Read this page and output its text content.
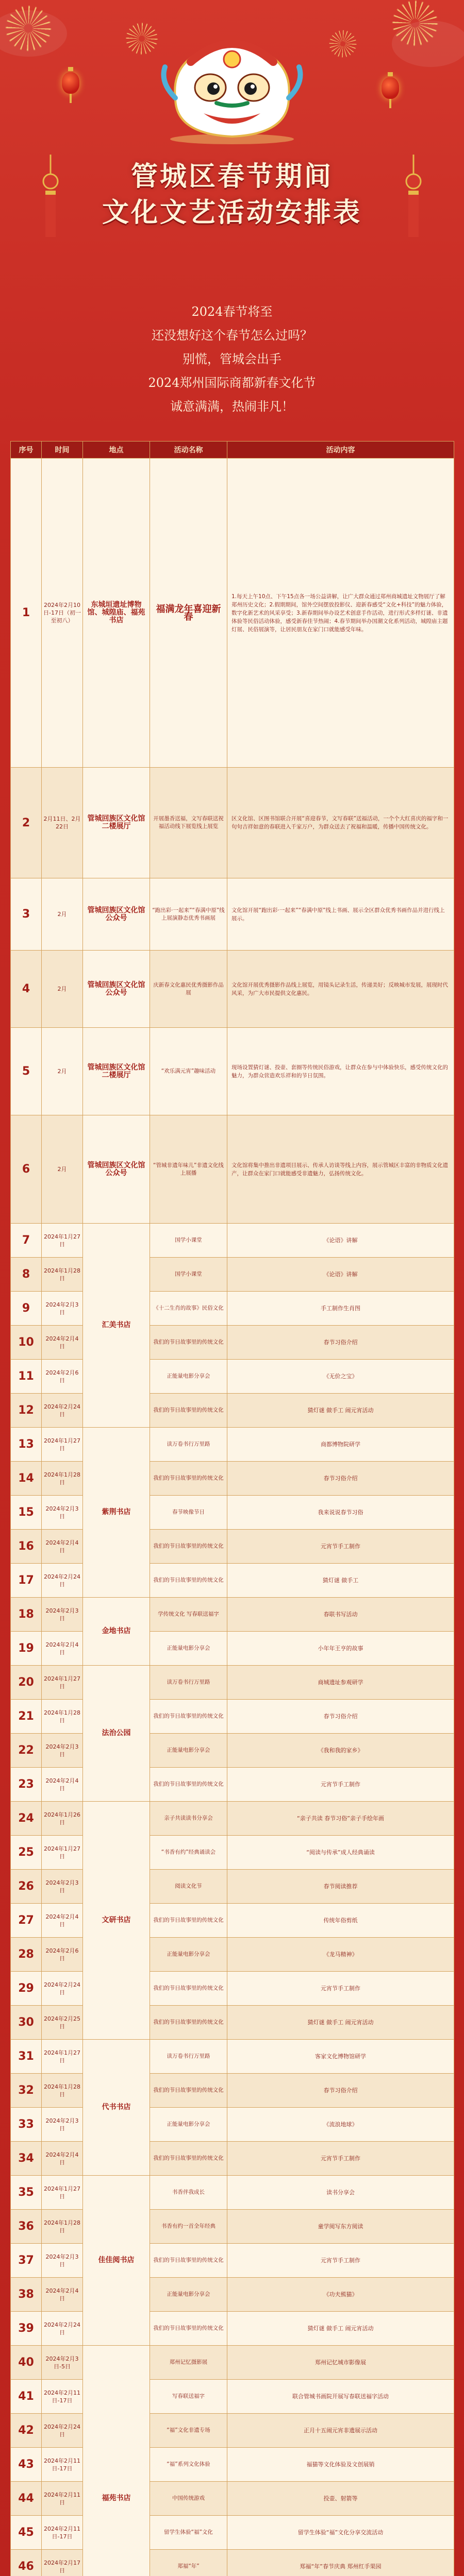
管城区春节期间
文化文艺活动安排表
2024春节将至
还没想好这个春节怎么过吗？
别慌，管城会出手
2024郑州国际商都新春文化节
诚意满满，热闹非凡！
序号	时间	地点	活动名称	活动内容
1	2024年2月10日-17日（初一至初八）	东城垣遗址博物馆、城隍庙、福苑书店	福满龙年喜迎新春	1.每天上午10点、下午15点各一场公益讲解，让广大群众通过郑州商城遗址文物展厅了解郑州历史文化；2.假期期间，馆外空间摆放投影仪、迎新春感受“文化+科技”的魅力体验，数字化新艺术的风采享受；3.新春期间举办设艺术创意手作活动，进行形式多样灯谜、非遗体验等民俗活动体验，感受新春佳节热闹；4.春节期间举办国潮文化系列活动，城隍庙主题灯展、民俗展演等，让居民朋友在家门口就能感受年味。
2	2月11日、2月22日	管城回族区文化馆二楼展厅	开展墨香送福，文写春联送祝福活动线下展览线上展览	区文化馆、区图书馆联合开展“喜迎春节，文写春联”送福活动，一个个大红喜庆的福字和一句句吉祥如意的春联进入千家万户，为群众送去了祝福和温暖，传播中国传统文化。
3	2月	管城回族区文化馆公众号	“跑出彩·一起来”“春满中原”线上展演静态优秀书画展	文化馆开展“跑出彩·一起来”“春满中原”线上书画、展示全区群众优秀书画作品并进行线上展示。
4	2月	管城回族区文化馆公众号	庆新春文化惠民优秀摄影作品展	文化馆开展优秀摄影作品线上展览，用镜头记录生活，传递美好；反映城市发展，展现时代风采，为广大市民提供文化惠民。
5	2月	管城回族区文化馆二楼展厅	“欢乐满元宵”趣味活动	现场设置猜灯谜、投壶、套圈等传统民俗游戏，让群众在参与中体验快乐，感受传统文化的魅力，为群众营造欢乐祥和的节日氛围。
6	2月	管城回族区文化馆公众号	“管城非遗年味儿”非遗文化线上展播	文化馆将集中推出非遗项目展示、传承人访谈等线上内容，展示管城区丰富的非物质文化遗产，让群众在家门口就能感受非遗魅力，弘扬传统文化。
7	2024年1月27日	汇美书店	国学小课堂	《论语》讲解
8	2024年1月28日		国学小课堂	《论语》讲解
9	2024年2月3日		《十二生肖的故事》民俗文化	手工制作生肖图
10	2024年2月4日		我们的节日故事里的传统文化	春节习俗介绍
11	2024年2月6日		正能量电影分享会	《无价之宝》
12	2024年2月24日		我们的节日故事里的传统文化	猜灯谜 做手工 闹元宵活动
13	2024年1月27日	紫荆书店	读万卷书行万里路	商都博物院研学
14	2024年1月28日		我们的节日故事里的传统文化	春节习俗介绍
15	2024年2月3日		春节映像节日	我来说说春节习俗
16	2024年2月4日		我们的节日故事里的传统文化	元宵节手工制作
17	2024年2月24日		我们的节日故事里的传统文化	猜灯谜 做手工
18	2024年2月3日	金地书店	学传统文化 写春联送福字	春联书写活动
19	2024年2月4日		正能量电影分享会	小年年王亨的故事
20	2024年1月27日	法治公园	读万卷书行万里路	商城遗址参观研学
21	2024年1月28日		我们的节日故事里的传统文化	春节习俗介绍
22	2024年2月3日		正能量电影分享会	《我和我的家乡》
23	2024年2月4日		我们的节日故事里的传统文化	元宵节手工制作
24	2024年1月26日	文研书店	亲子共读读书分享会	“亲子共读 春节习俗”亲子手绘年画
25	2024年1月27日		“书香有约”经典诵读会	“阅读与传承”成人经典诵读
26	2024年2月3日		阅读文化节	春节阅读推荐
27	2024年2月4日		我们的节日故事里的传统文化	传统年俗剪纸
28	2024年2月6日		正能量电影分享会	《龙马精神》
29	2024年2月24日		我们的节日故事里的传统文化	元宵节手工制作
30	2024年2月25日		我们的节日故事里的传统文化	猜灯谜 做手工 闹元宵活动
31	2024年1月27日	代书书店	读万卷书行万里路	客家文化博物馆研学
32	2024年1月28日		我们的节日故事里的传统文化	春节习俗介绍
33	2024年2月3日		正能量电影分享会	《流浪地球》
34	2024年2月4日		我们的节日故事里的传统文化	元宵节手工制作
35	2024年1月27日	佳佳阅书店	书香伴我成长	读书分享会
36	2024年1月28日		书香有约一首全年经典	童学阅写东方阅读
37	2024年2月3日		我们的节日故事里的传统文化	元宵节手工制作
38	2024年2月4日		正能量电影分享会	《功夫熊猫》
39	2024年2月24日		我们的节日故事里的传统文化	猜灯谜 做手工 闹元宵活动
40	2024年2月3日-5日	福苑书店	郑州记忆摄影展	郑州记忆城市影像展
41	2024年2月11日-17日		写春联送福字	联合管城书画院开展写春联送福字活动
42	2024年2月24日		“福”文化非遗专场	正月十五闹元宵非遗展示活动
43	2024年2月11日-17日		“福”系列文化体验	福猫等文化体验及文创展销
44	2024年2月11日		中国传统游戏	投壶、射箭等
45	2024年2月11日-17日		留学生体验“福”文化	留学生体验“福”文化分享交流活动
46	2024年2月17日		郑福“年”	郑福“年”春节庆典 郑州红手果园
